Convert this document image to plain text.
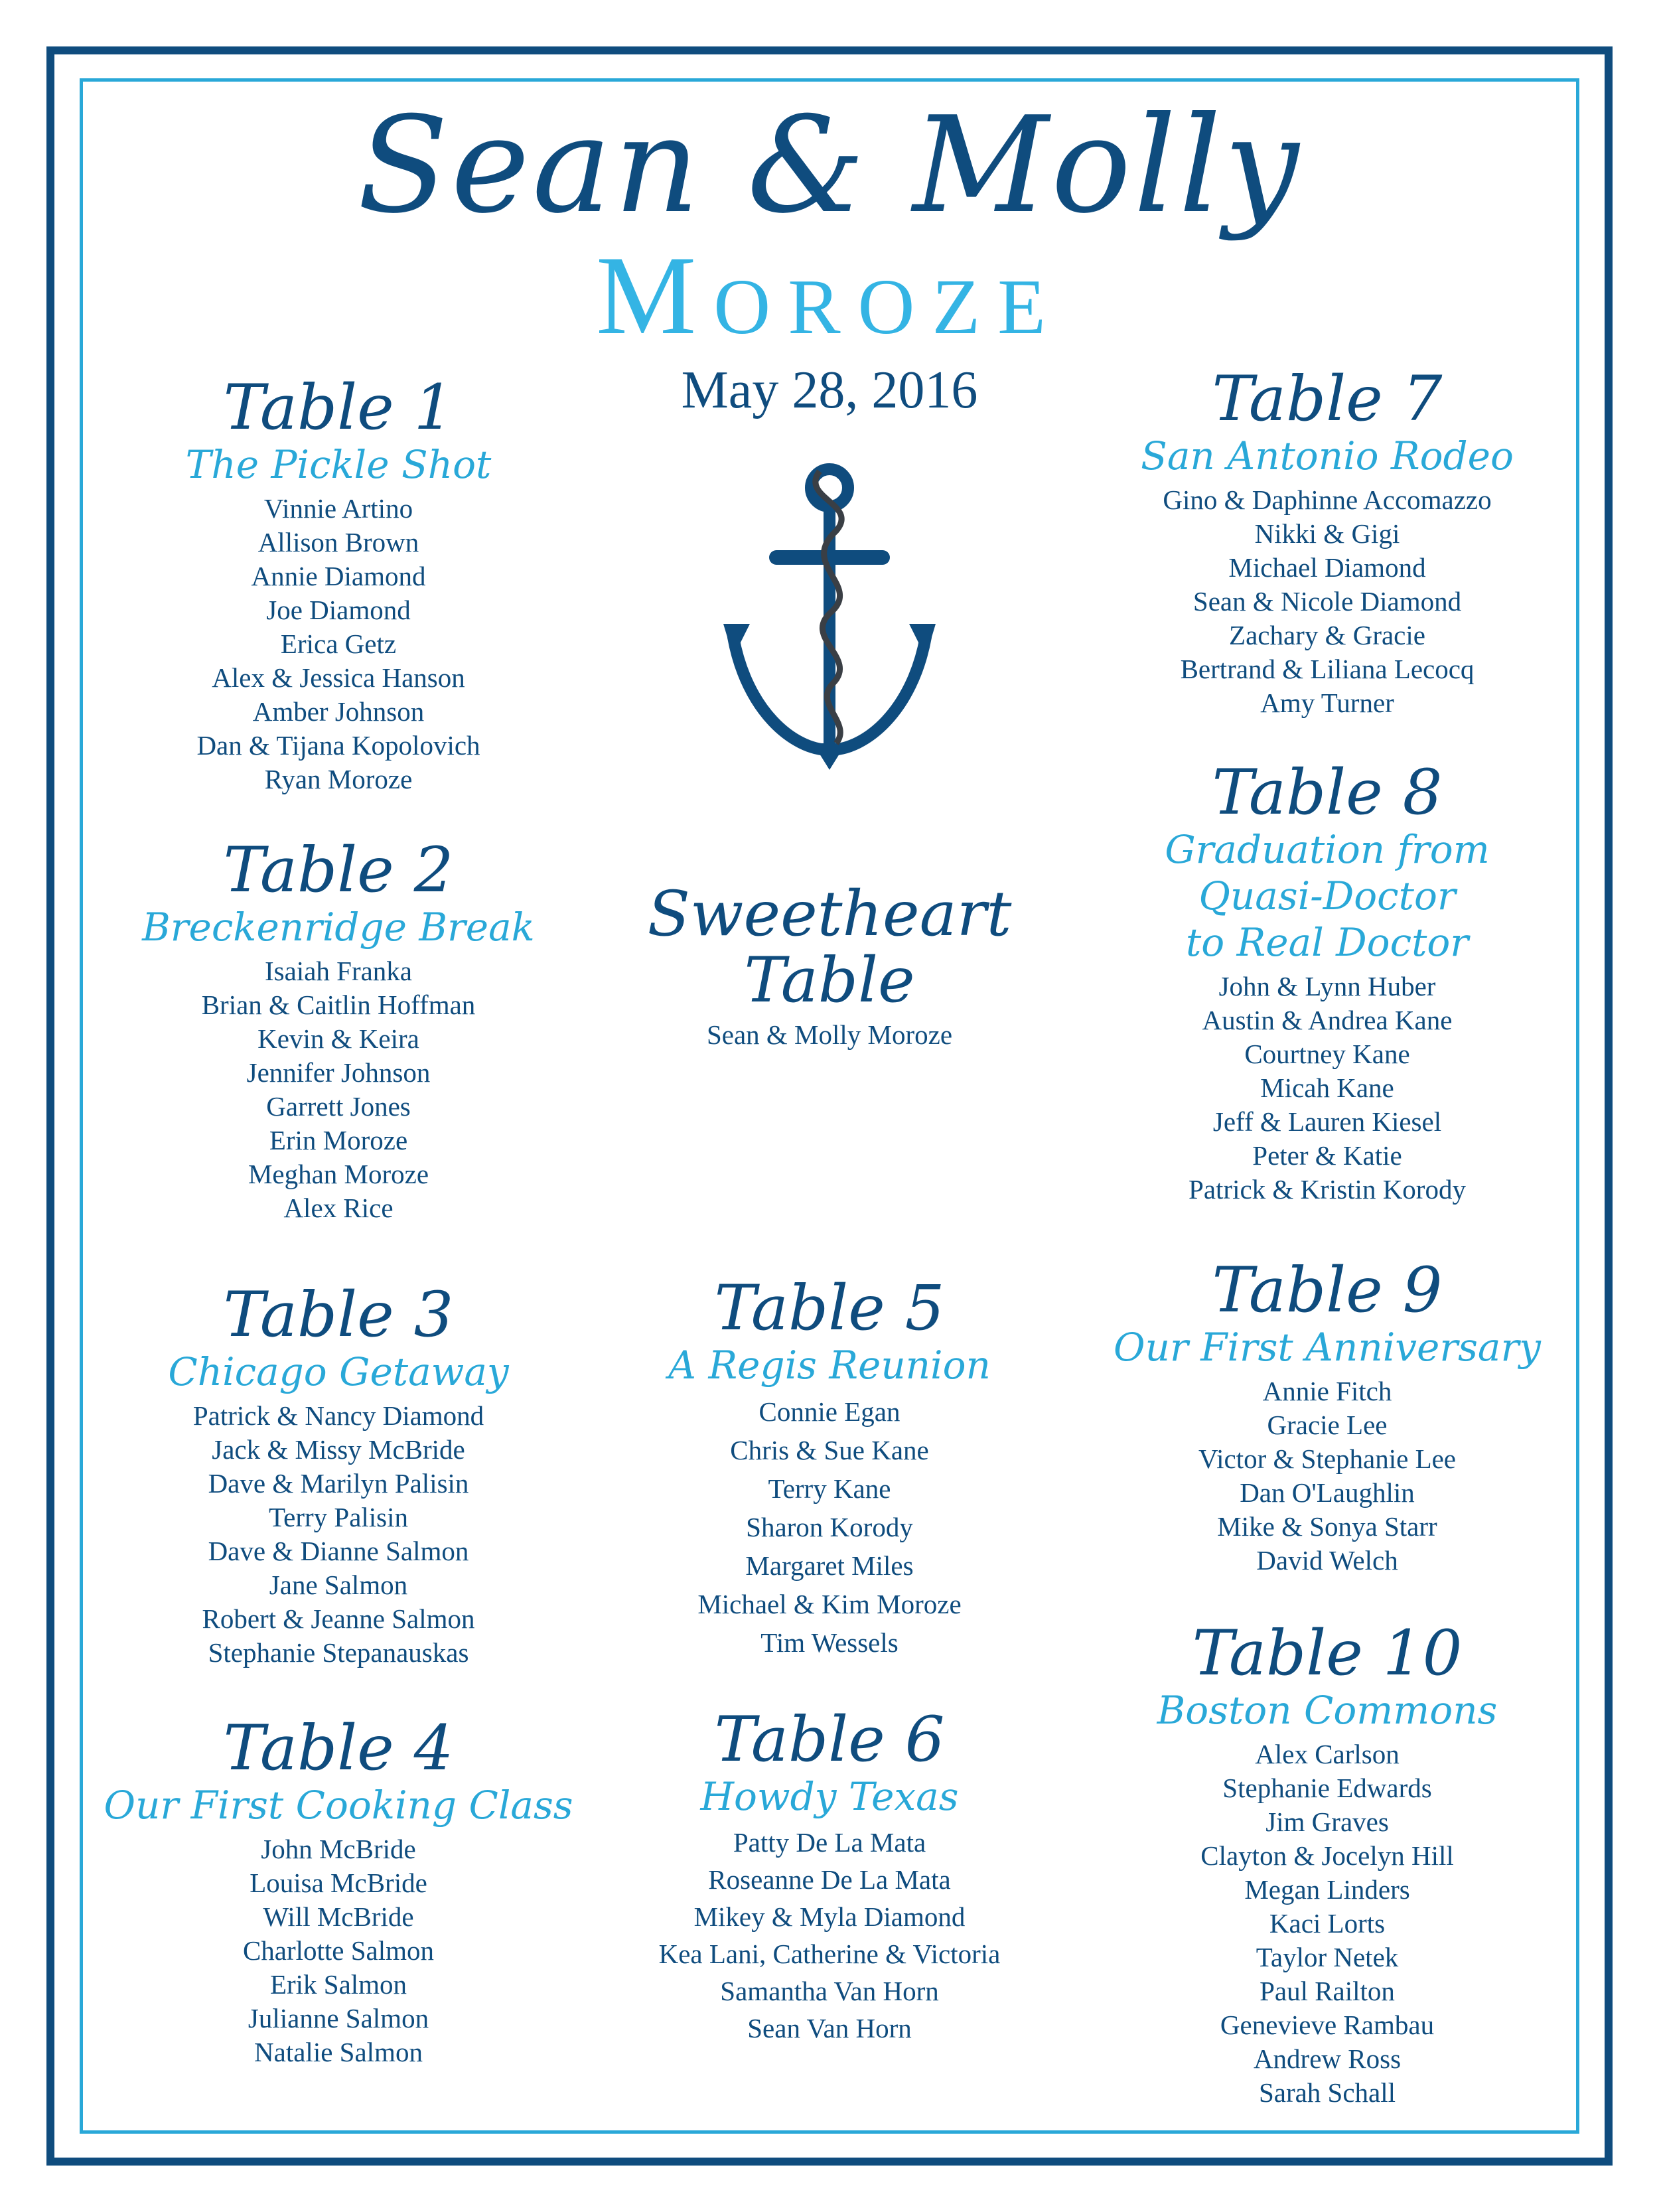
Sean & Molly
Moroze
May 28, 2016
Table 1
The Pickle Shot
Vinnie Artino
Allison Brown
Annie Diamond
Joe Diamond
Erica Getz
Alex & Jessica Hanson
Amber Johnson
Dan & Tijana Kopolovich
Ryan Moroze
Table 2
Breckenridge Break
Isaiah Franka
Brian & Caitlin Hoffman
Kevin & Keira
Jennifer Johnson
Garrett Jones
Erin Moroze
Meghan Moroze
Alex Rice
Table 3
Chicago Getaway
Patrick & Nancy Diamond
Jack & Missy McBride
Dave & Marilyn Palisin
Terry Palisin
Dave & Dianne Salmon
Jane Salmon
Robert & Jeanne Salmon
Stephanie Stepanauskas
Table 4
Our First Cooking Class
John McBride
Louisa McBride
Will McBride
Charlotte Salmon
Erik Salmon
Julianne Salmon
Natalie Salmon
Sweetheart
Table
Sean & Molly Moroze
Table 5
A Regis Reunion
Connie Egan
Chris & Sue Kane
Terry Kane
Sharon Korody
Margaret Miles
Michael & Kim Moroze
Tim Wessels
Table 6
Howdy Texas
Patty De La Mata
Roseanne De La Mata
Mikey & Myla Diamond
Kea Lani, Catherine & Victoria
Samantha Van Horn
Sean Van Horn
Table 7
San Antonio Rodeo
Gino & Daphinne Accomazzo
Nikki & Gigi
Michael Diamond
Sean & Nicole Diamond
Zachary & Gracie
Bertrand & Liliana Lecocq
Amy Turner
Table 8
Graduation from
Quasi-Doctor
to Real Doctor
John & Lynn Huber
Austin & Andrea Kane
Courtney Kane
Micah Kane
Jeff & Lauren Kiesel
Peter & Katie
Patrick & Kristin Korody
Table 9
Our First Anniversary
Annie Fitch
Gracie Lee
Victor & Stephanie Lee
Dan O'Laughlin
Mike & Sonya Starr
David Welch
Table 10
Boston Commons
Alex Carlson
Stephanie Edwards
Jim Graves
Clayton & Jocelyn Hill
Megan Linders
Kaci Lorts
Taylor Netek
Paul Railton
Genevieve Rambau
Andrew Ross
Sarah Schall
